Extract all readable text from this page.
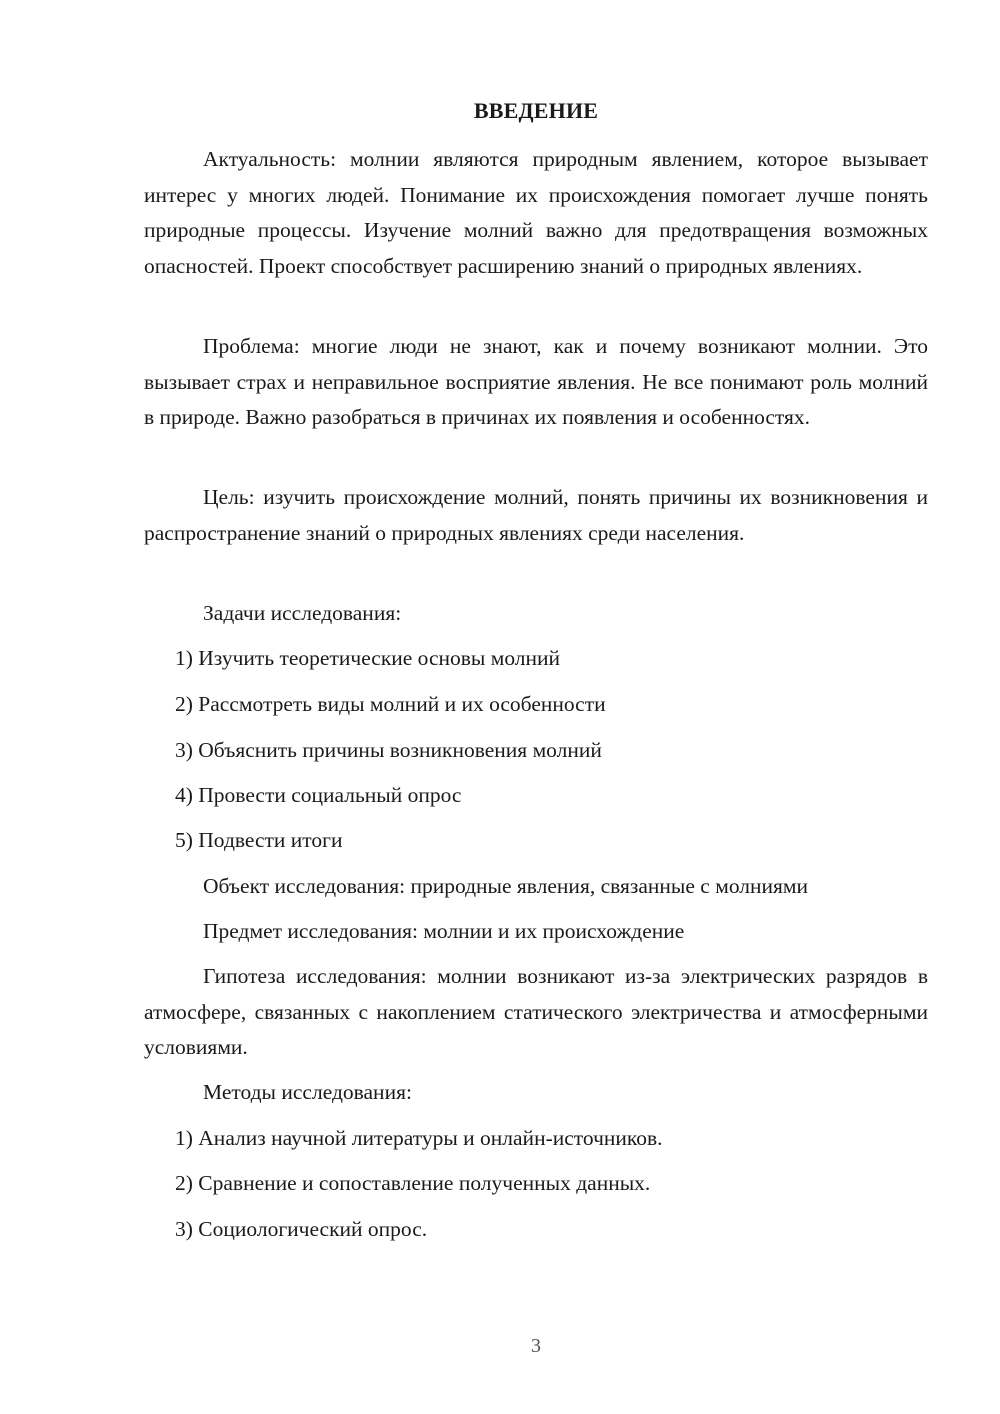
ВВЕДЕНИЕ

Актуальность: молнии являются природным явлением, которое вызывает интерес у многих людей. Понимание их происхождения помогает лучше понять природные процессы. Изучение молний важно для предотвращения возможных опасностей. Проект способствует расширению знаний о природных явлениях.

Проблема: многие люди не знают, как и почему возникают молнии. Это вызывает страх и неправильное восприятие явления. Не все понимают роль молний в природе. Важно разобраться в причинах их появления и особенностях.

Цель: изучить происхождение молний, понять причины их возникновения и распространение знаний о природных явлениях среди населения.

Задачи исследования:
1) Изучить теоретические основы молний
2) Рассмотреть виды молний и их особенности
3) Объяснить причины возникновения молний
4) Провести социальный опрос
5) Подвести итоги
Объект исследования: природные явления, связанные с молниями
Предмет исследования: молнии и их происхождение

Гипотеза исследования: молнии возникают из-за электрических разрядов в атмосфере, связанных с накоплением статического электричества и атмосферными условиями.

Методы исследования:
1) Анализ научной литературы и онлайн-источников.
2) Сравнение и сопоставление полученных данных.
3) Социологический опрос.
3
